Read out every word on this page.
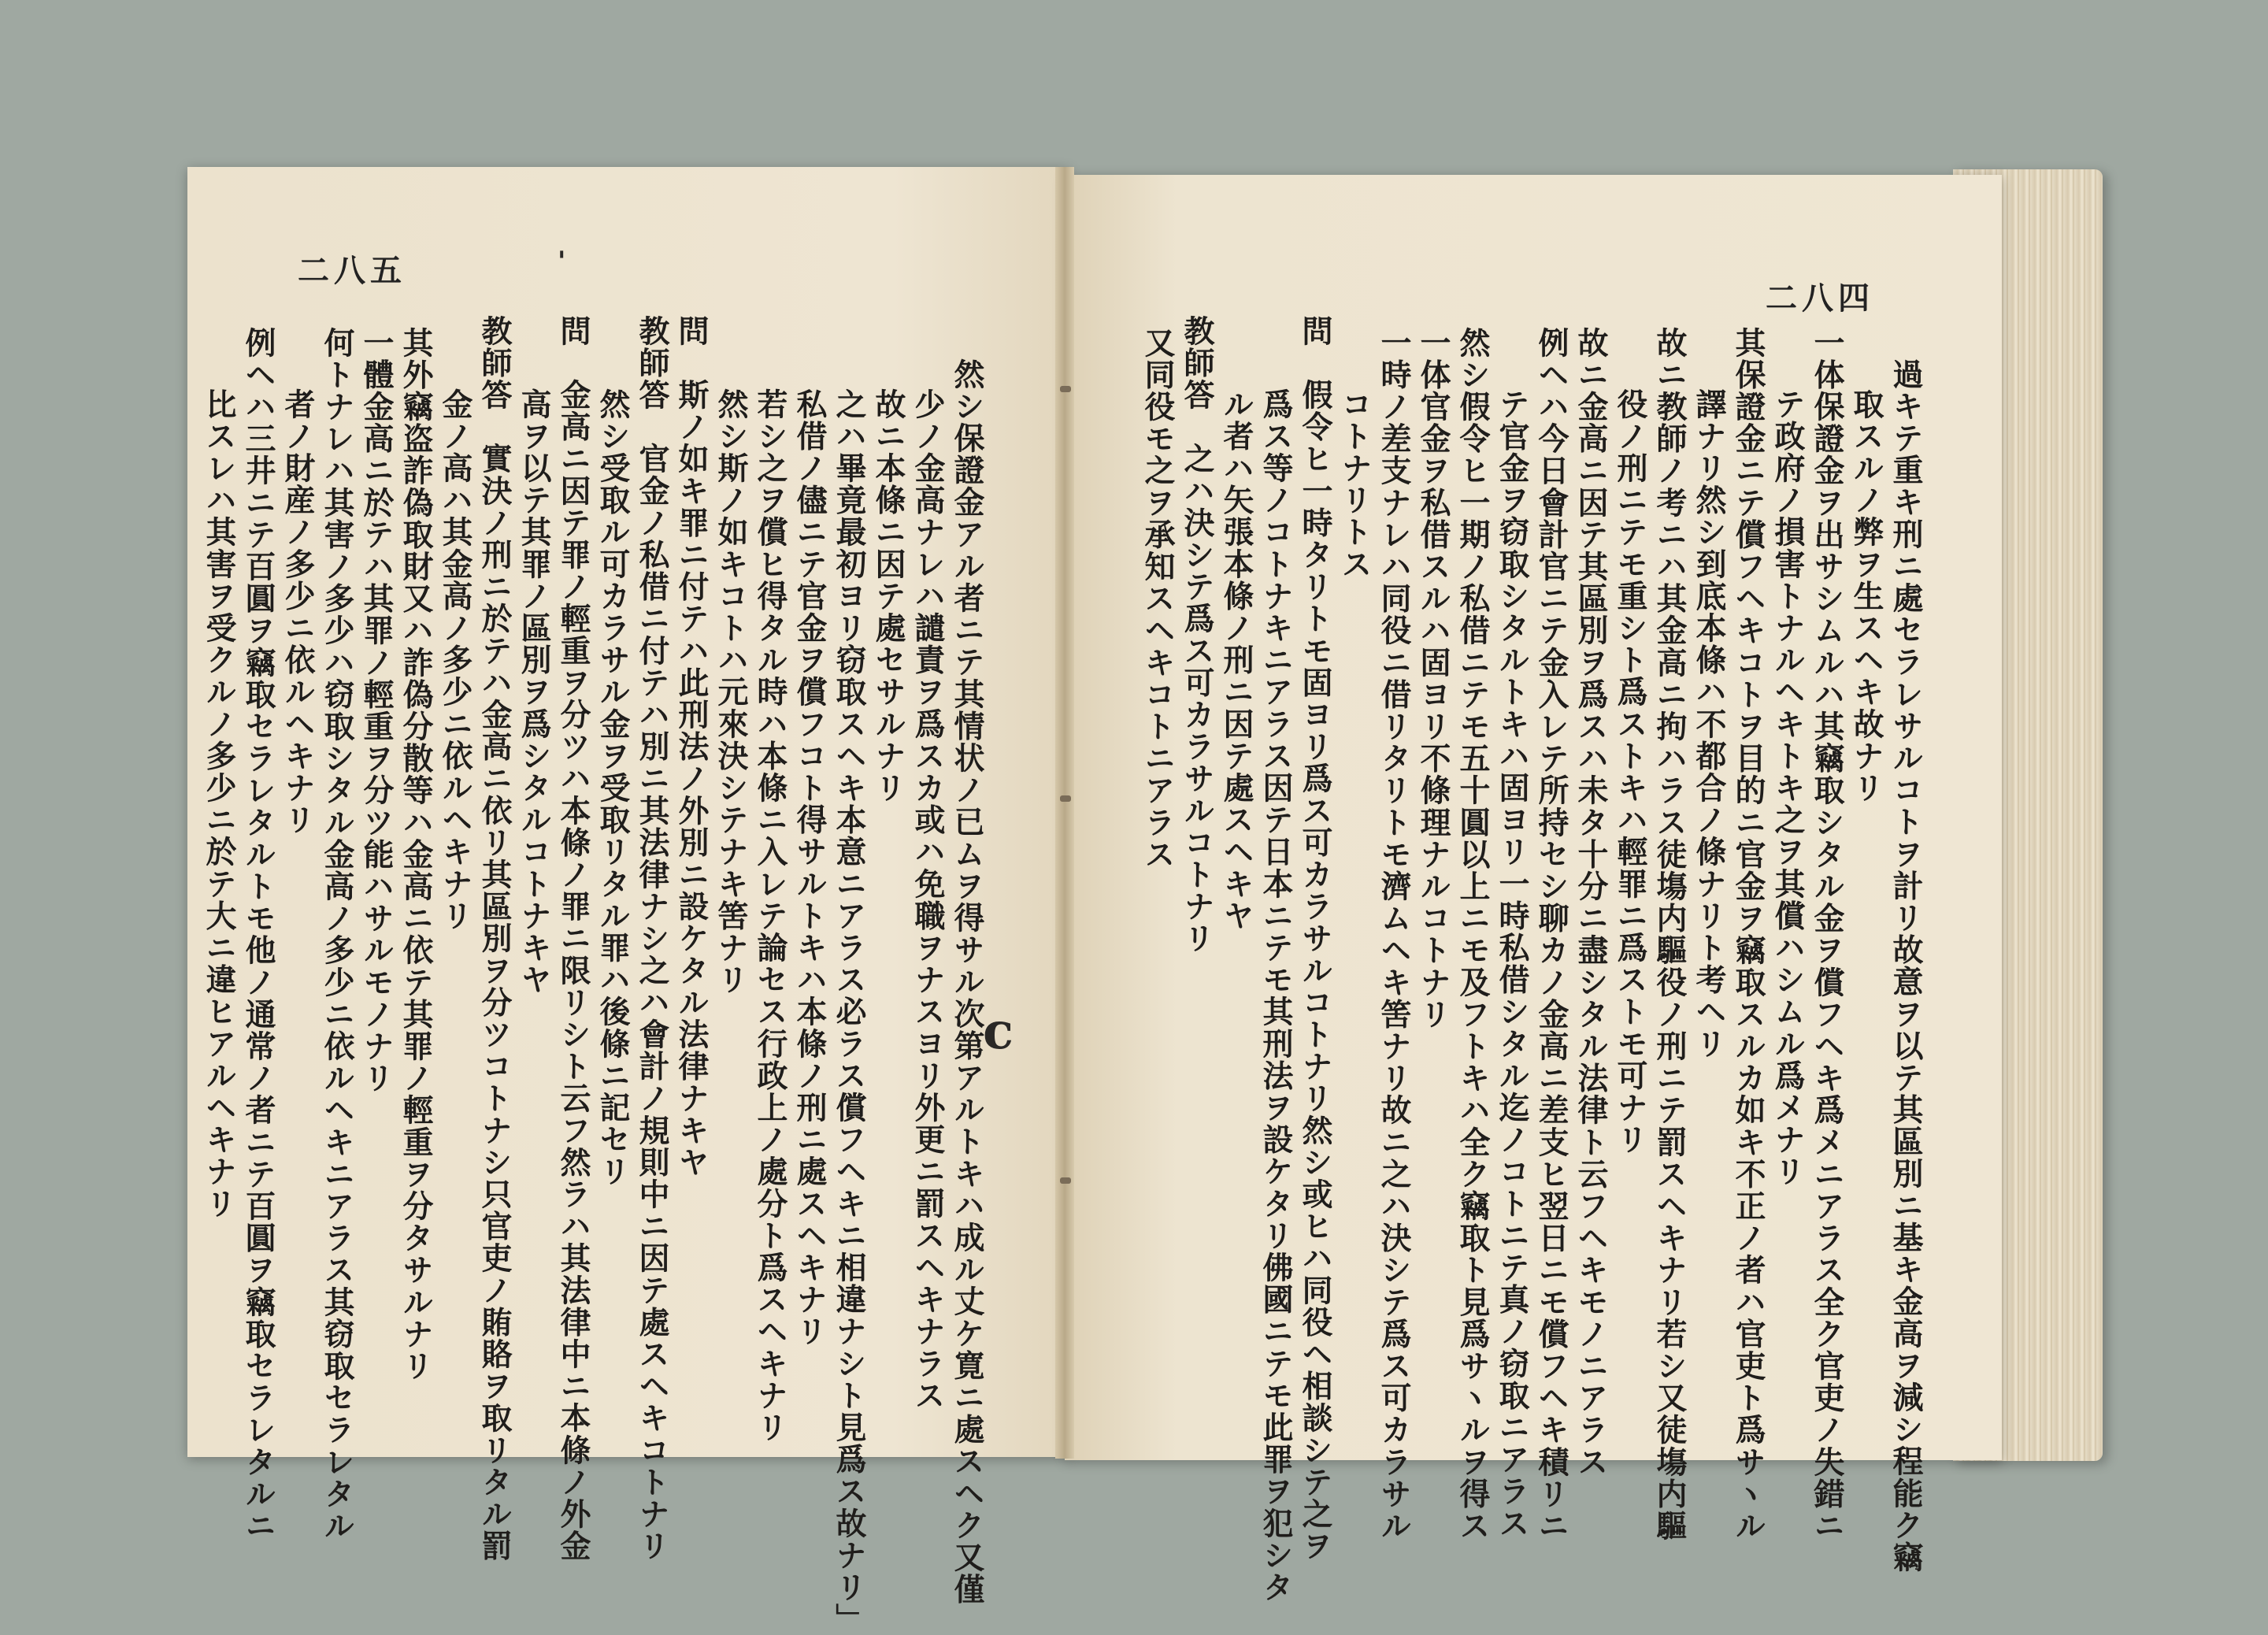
二八五	'
c
二八四
然シ保證金アル者ニテ其情状ノ已ムヲ得サル次第アルトキハ成ル丈ケ寛ニ處スヘク又僅
少ノ金高ナレハ譴責ヲ爲スカ或ハ免職ヲナスヨリ外更ニ罰スヘキナラス
故ニ本條ニ因テ處セサルナリ
之ハ畢竟最初ヨリ窃取スヘキ本意ニアラス必ラス償フヘキニ相違ナシト見爲ス故ナリ」
私借ノ儘ニテ官金ヲ償フコト得サルトキハ本條ノ刑ニ處スヘキナリ
若シ之ヲ償ヒ得タル時ハ本條ニ入レテ論セス行政上ノ處分ト爲スヘキナリ
然シ斯ノ如キコトハ元來決シテナキ筈ナリ
問　斯ノ如キ罪ニ付テハ此刑法ノ外別ニ設ケタル法律ナキヤ
教師答　官金ノ私借ニ付テハ別ニ其法律ナシ之ハ會計ノ規則中ニ因テ處スヘキコトナリ
然シ受取ル可カラサル金ヲ受取リタル罪ハ後條ニ記セリ
問　金高ニ因テ罪ノ輕重ヲ分ツハ本條ノ罪ニ限リシト云フ然ラハ其法律中ニ本條ノ外金
高ヲ以テ其罪ノ區別ヲ爲シタルコトナキヤ
教師答　實決ノ刑ニ於テハ金高ニ依リ其區別ヲ分ツコトナシ只官吏ノ賄賂ヲ取リタル罰
金ノ高ハ其金高ノ多少ニ依ルヘキナリ
其外竊盗詐偽取財又ハ詐偽分散等ハ金高ニ依テ其罪ノ輕重ヲ分タサルナリ
一體金高ニ於テハ其罪ノ輕重ヲ分ツ能ハサルモノナリ
何トナレハ其害ノ多少ハ窃取シタル金高ノ多少ニ依ルヘキニアラス其窃取セラレタル
者ノ財産ノ多少ニ依ルヘキナリ
例ヘハ三井ニテ百圓ヲ竊取セラレタルトモ他ノ通常ノ者ニテ百圓ヲ竊取セラレタルニ
比スレハ其害ヲ受クルノ多少ニ於テ大ニ違ヒアルヘキナリ	過キテ重キ刑ニ處セラレサルコトヲ計リ故意ヲ以テ其區別ニ基キ金高ヲ減シ程能ク竊
取スルノ弊ヲ生スヘキ故ナリ
一体保證金ヲ出サシムルハ其竊取シタル金ヲ償フヘキ爲メニアラス全ク官吏ノ失錯ニ
テ政府ノ損害トナルヘキトキ之ヲ其償ハシムル爲メナリ
其保證金ニテ償フヘキコトヲ目的ニ官金ヲ竊取スルカ如キ不正ノ者ハ官吏ト爲サヽル
譯ナリ然シ到底本條ハ不都合ノ條ナリト考ヘリ
故ニ教師ノ考ニハ其金高ニ拘ハラス徒塲内驅役ノ刑ニテ罰スヘキナリ若シ又徒塲内驅
役ノ刑ニテモ重シト爲ストキハ輕罪ニ爲ストモ可ナリ
故ニ金高ニ因テ其區別ヲ爲スハ未タ十分ニ盡シタル法律ト云フヘキモノニアラス
例ヘハ今日會計官ニテ金入レテ所持セシ聊カノ金高ニ差支ヒ翌日ニモ償フヘキ積リニ
テ官金ヲ窃取シタルトキハ固ヨリ一時私借シタル迄ノコトニテ真ノ窃取ニアラス
然シ假令ヒ一期ノ私借ニテモ五十圓以上ニモ及フトキハ全ク竊取ト見爲サヽルヲ得ス
一体官金ヲ私借スルハ固ヨリ不條理ナルコトナリ
一時ノ差支ナレハ同役ニ借リタリトモ濟ムヘキ筈ナリ故ニ之ハ決シテ爲ス可カラサル
コトナリトス
問　假令ヒ一時タリトモ固ヨリ爲ス可カラサルコトナリ然シ或ヒハ同役ヘ相談シテ之ヲ
爲ス等ノコトナキニアラス因テ日本ニテモ其刑法ヲ設ケタリ佛國ニテモ此罪ヲ犯シタ
ル者ハ矢張本條ノ刑ニ因テ處スヘキヤ
教師答　之ハ決シテ爲ス可カラサルコトナリ
又同役モ之ヲ承知スヘキコトニアラス
